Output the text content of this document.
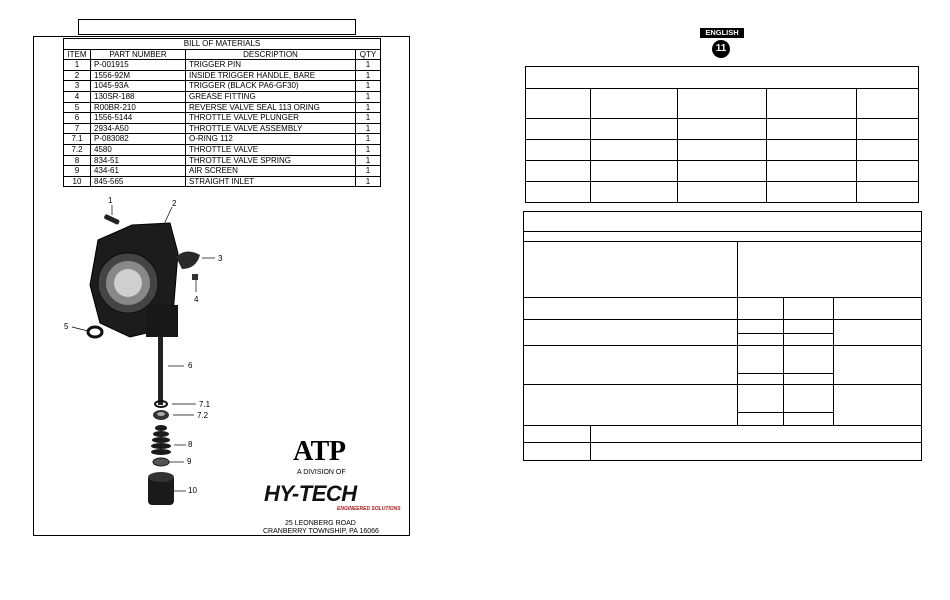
BILL OF MATERIALS			
ITEM	PART NUMBER	DESCRIPTION	QTY
1	P-001915	TRIGGER PIN	1
2	1556-92M	INSIDE TRIGGER HANDLE, BARE	1
3	1045-93A	TRIGGER (BLACK PA6-GF30)	1
4	130SR-188	GREASE FITTING	1
5	R00BR-210	REVERSE VALVE SEAL 113 ORING	1
6	1556-5144	THROTTLE VALVE PLUNGER	1
7	2934-A50	THROTTLE VALVE ASSEMBLY	1
7.1	P-083082	O-RING 112	1
7.2	4580	THROTTLE VALVE	1
8	834-51	THROTTLE VALVE SPRING	1
9	434-61	AIR SCREEN	1
10	845-565	STRAIGHT INLET	1
1	2
3
4
5
6
7.1
7.2
8
9
10
ATP
A DIVISION OF
HY-TECH
ENGINEERED SOLUTIONS
25 LEONBERG ROAD
CRANBERRY TOWNSHIP, PA 16066
ENGLISH
11
